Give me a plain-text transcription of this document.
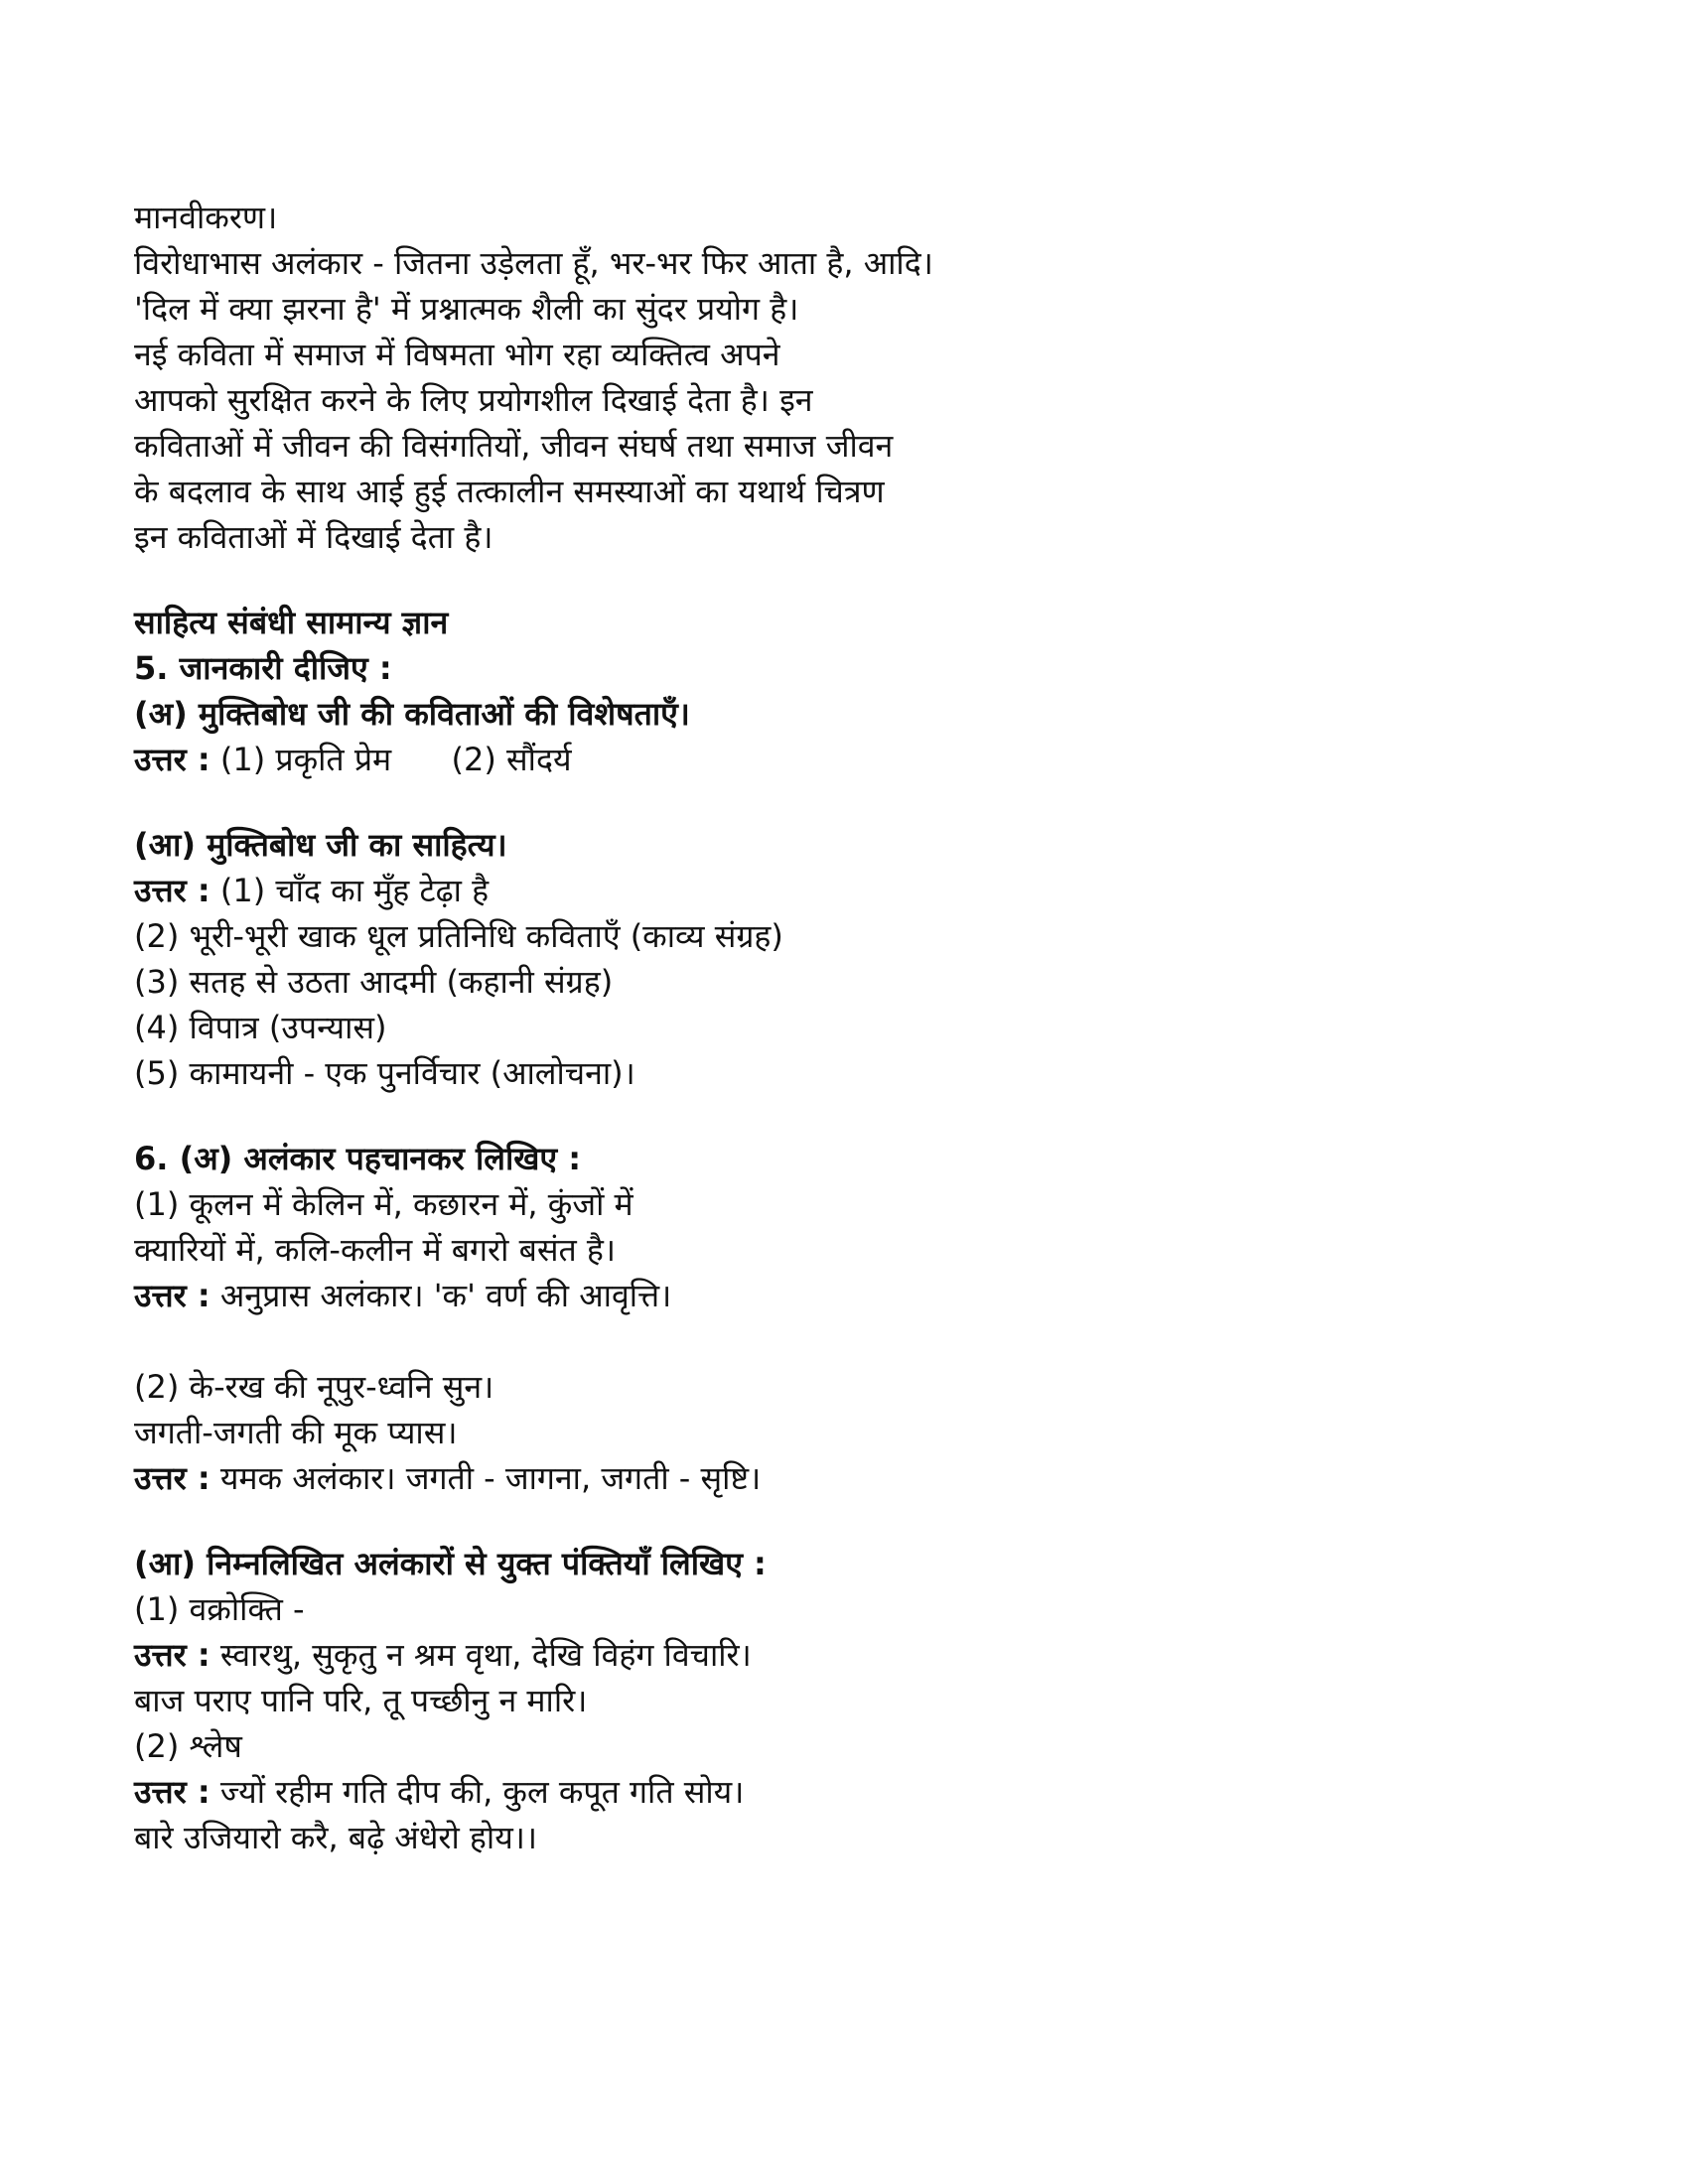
मानवीकरण।
विरोधाभास अलंकार - जितना उड़ेलता हूँ, भर-भर फिर आता है, आदि।
'दिल में क्या झरना है' में प्रश्नात्मक शैली का सुंदर प्रयोग है।
नई कविता में समाज में विषमता भोग रहा व्यक्तित्व अपने
आपको सुरक्षित करने के लिए प्रयोगशील दिखाई देता है। इन
कविताओं में जीवन की विसंगतियों, जीवन संघर्ष तथा समाज जीवन
के बदलाव के साथ आई हुई तत्कालीन समस्याओं का यथार्थ चित्रण
इन कविताओं में दिखाई देता है।
साहित्य संबंधी सामान्य ज्ञान
5. जानकारी दीजिए :
(अ) मुक्तिबोध जी की कविताओं की विशेषताएँ।
उत्तर : (1) प्रकृति प्रेम (2) सौंदर्य
(आ) मुक्तिबोध जी का साहित्य।
उत्तर : (1) चाँद का मुँह टेढ़ा है
(2) भूरी-भूरी खाक धूल प्रतिनिधि कविताएँ (काव्य संग्रह)
(3) सतह से उठता आदमी (कहानी संग्रह)
(4) विपात्र (उपन्यास)
(5) कामायनी - एक पुनर्विचार (आलोचना)।
6. (अ) अलंकार पहचानकर लिखिए :
(1) कूलन में केलिन में, कछारन में, कुंजों में
क्यारियों में, कलि-कलीन में बगरो बसंत है।
उत्तर : अनुप्रास अलंकार। 'क' वर्ण की आवृत्ति।
(2) के-रख की नूपुर-ध्वनि सुन।
जगती-जगती की मूक प्यास।
उत्तर : यमक अलंकार। जगती - जागना, जगती - सृष्टि।
(आ) निम्नलिखित अलंकारों से युक्त पंक्तियाँ लिखिए :
(1) वक्रोक्ति -
उत्तर : स्वारथु, सुकृतु न श्रम वृथा, देखि विहंग विचारि।
बाज पराए पानि परि, तू पच्छीनु न मारि।
(2) श्लेष
उत्तर : ज्यों रहीम गति दीप की, कुल कपूत गति सोय।
बारे उजियारो करै, बढ़े अंधेरो होय।।
